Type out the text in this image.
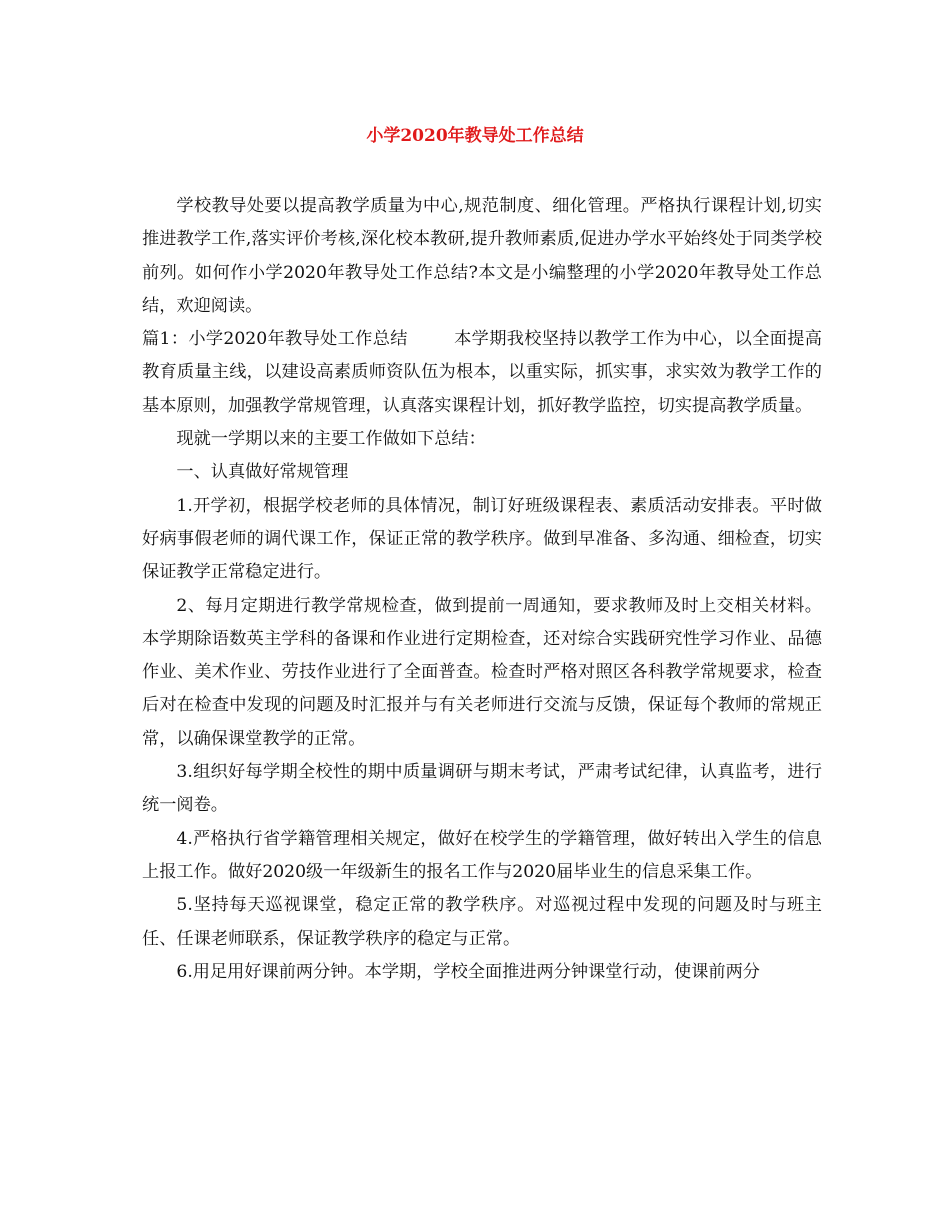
小学2020年教导处工作总结

学校教导处要以提高教学质量为中心,规范制度、细化管理。严格执行课程计划,切实推进教学工作,落实评价考核,深化校本教研,提升教师素质,促进办学水平始终处于同类学校前列。如何作小学2020年教导处工作总结?本文是小编整理的小学2020年教导处工作总结，欢迎阅读。

篇1：小学2020年教导处工作总结	本学期我校坚持以教学工作为中心，以全面提高教育质量主线，以建设高素质师资队伍为根本，以重实际，抓实事，求实效为教学工作的基本原则，加强教学常规管理，认真落实课程计划，抓好教学监控，切实提高教学质量。

现就一学期以来的主要工作做如下总结：

一、认真做好常规管理

1.开学初，根据学校老师的具体情况，制订好班级课程表、素质活动安排表。平时做好病事假老师的调代课工作，保证正常的教学秩序。做到早准备、多沟通、细检查，切实保证教学正常稳定进行。

2、每月定期进行教学常规检查，做到提前一周通知，要求教师及时上交相关材料。本学期除语数英主学科的备课和作业进行定期检查，还对综合实践研究性学习作业、品德作业、美术作业、劳技作业进行了全面普查。检查时严格对照区各科教学常规要求，检查后对在检查中发现的问题及时汇报并与有关老师进行交流与反馈，保证每个教师的常规正常，以确保课堂教学的正常。

3.组织好每学期全校性的期中质量调研与期末考试，严肃考试纪律，认真监考，进行统一阅卷。

4.严格执行省学籍管理相关规定，做好在校学生的学籍管理，做好转出入学生的信息上报工作。做好2020级一年级新生的报名工作与2020届毕业生的信息采集工作。

5.坚持每天巡视课堂，稳定正常的教学秩序。对巡视过程中发现的问题及时与班主任、任课老师联系，保证教学秩序的稳定与正常。

6.用足用好课前两分钟。本学期，学校全面推进两分钟课堂行动，使课前两分
